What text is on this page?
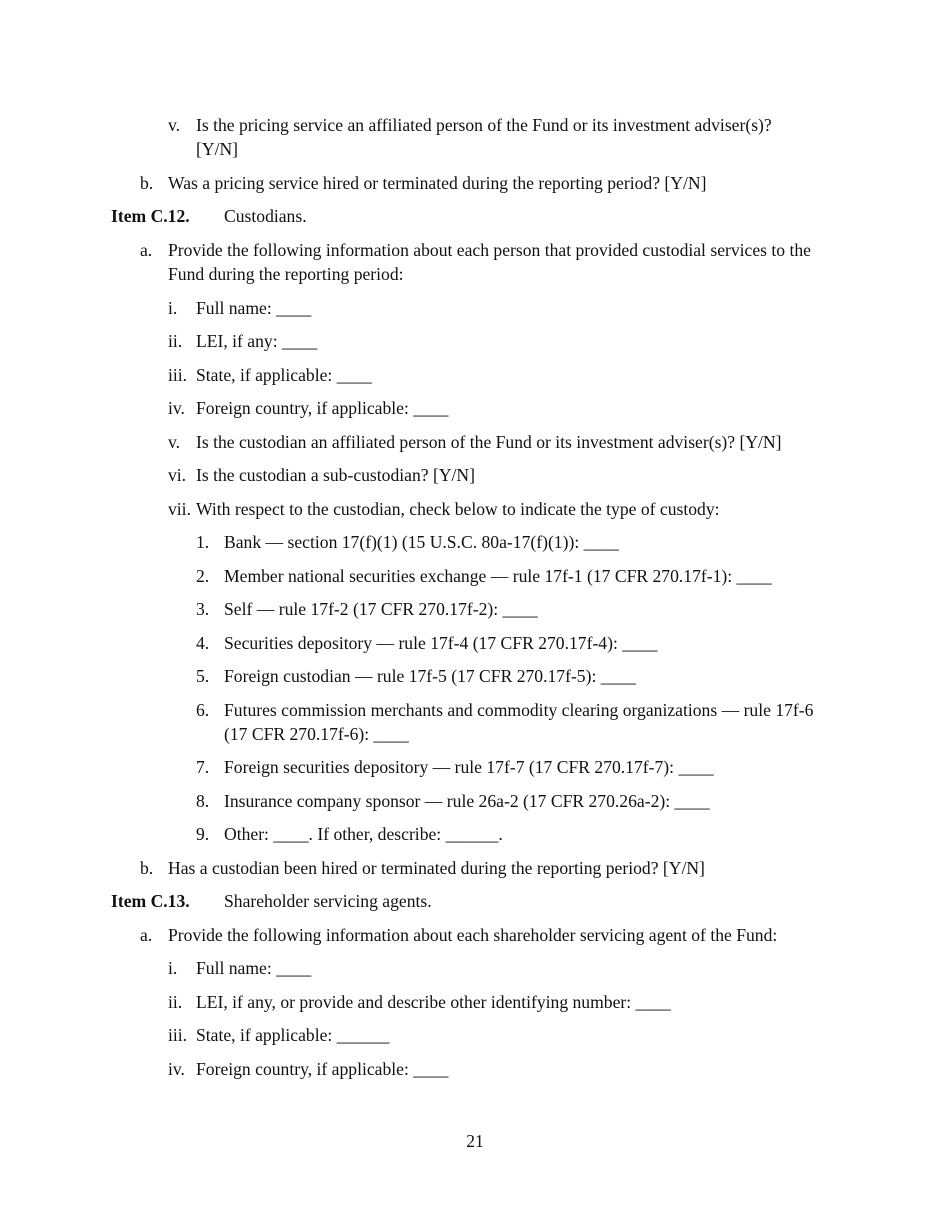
v. Is the pricing service an affiliated person of the Fund or its investment adviser(s)? [Y/N]
b. Was a pricing service hired or terminated during the reporting period? [Y/N]
Item C.12. Custodians.
a. Provide the following information about each person that provided custodial services to the Fund during the reporting period:
i. Full name: ____
ii. LEI, if any: ____
iii. State, if applicable: ____
iv. Foreign country, if applicable: ____
v. Is the custodian an affiliated person of the Fund or its investment adviser(s)? [Y/N]
vi. Is the custodian a sub-custodian? [Y/N]
vii. With respect to the custodian, check below to indicate the type of custody:
1. Bank — section 17(f)(1) (15 U.S.C. 80a-17(f)(1)): ____
2. Member national securities exchange — rule 17f-1 (17 CFR 270.17f-1): ____
3. Self — rule 17f-2 (17 CFR 270.17f-2): ____
4. Securities depository — rule 17f-4 (17 CFR 270.17f-4): ____
5. Foreign custodian — rule 17f-5 (17 CFR 270.17f-5): ____
6. Futures commission merchants and commodity clearing organizations — rule 17f-6 (17 CFR 270.17f-6): ____
7. Foreign securities depository — rule 17f-7 (17 CFR 270.17f-7): ____
8. Insurance company sponsor — rule 26a-2 (17 CFR 270.26a-2): ____
9. Other: ____. If other, describe: ______.
b. Has a custodian been hired or terminated during the reporting period? [Y/N]
Item C.13. Shareholder servicing agents.
a. Provide the following information about each shareholder servicing agent of the Fund:
i. Full name: ____
ii. LEI, if any, or provide and describe other identifying number: ____
iii. State, if applicable: ______
iv. Foreign country, if applicable: ____
21
